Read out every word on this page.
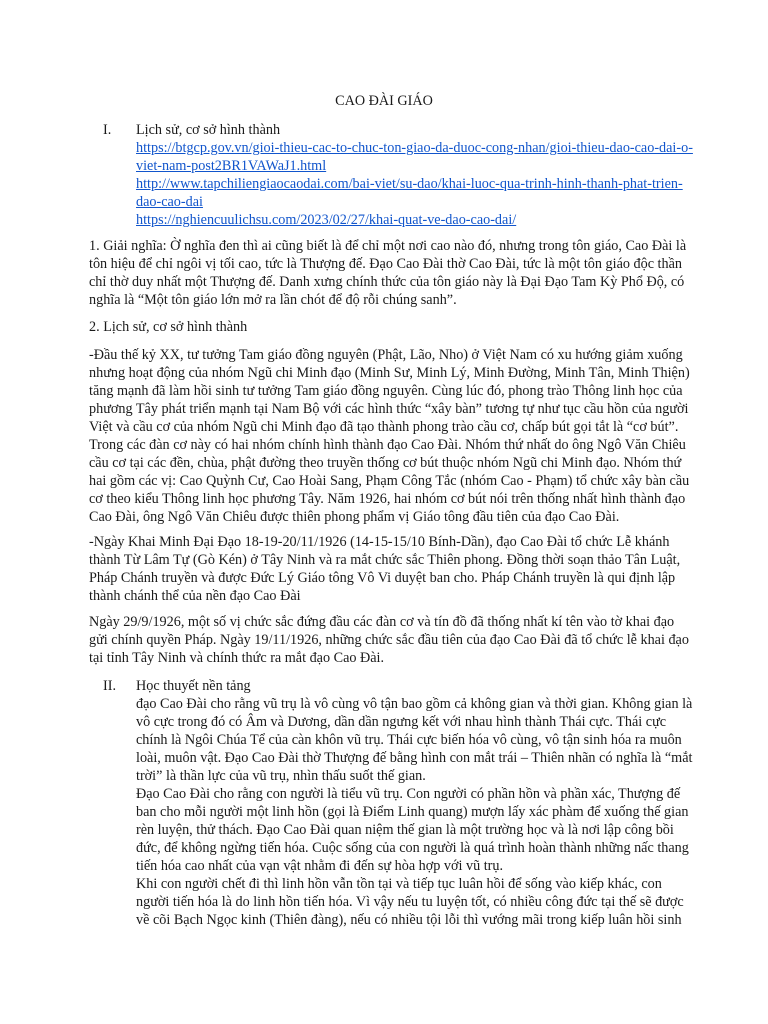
CAO ĐÀI GIÁO
I.	Lịch sử, cơ sở hình thành
https://btgcp.gov.vn/gioi-thieu-cac-to-chuc-ton-giao-da-duoc-cong-nhan/gioi-thieu-dao-cao-dai-o-
viet-nam-post2BR1VAWaJ1.html
http://www.tapchiliengiaocaodai.com/bai-viet/su-dao/khai-luoc-qua-trinh-hinh-thanh-phat-trien-
dao-cao-dai
https://nghiencuulichsu.com/2023/02/27/khai-quat-ve-dao-cao-dai/
1. Giải nghĩa: Ờ nghĩa đen thì ai cũng biết là để chỉ một nơi cao nào đó, nhưng trong tôn giáo, Cao Đài là
tôn hiệu để chỉ ngôi vị tối cao, tức là Thượng đế. Đạo Cao Đài thờ Cao Đài, tức là một tôn giáo độc thần
chỉ thờ duy nhất một Thượng đế. Danh xưng chính thức của tôn giáo này là Đại Đạo Tam Kỳ Phổ Độ, có
nghĩa là “Một tôn giáo lớn mở ra lần chót để độ rỗi chúng sanh”.
2. Lịch sử, cơ sở hình thành
-Đầu thế kỷ XX, tư tưởng Tam giáo đồng nguyên (Phật, Lão, Nho) ở Việt Nam có xu hướng giảm xuống
nhưng hoạt động của nhóm Ngũ chi Minh đạo (Minh Sư, Minh Lý, Minh Đường, Minh Tân, Minh Thiện)
tăng mạnh đã làm hồi sinh tư tưởng Tam giáo đồng nguyên. Cùng lúc đó, phong trào Thông linh học của
phương Tây phát triển mạnh tại Nam Bộ với các hình thức “xây bàn” tương tự như tục cầu hồn của người
Việt và cầu cơ của nhóm Ngũ chi Minh đạo đã tạo thành phong trào cầu cơ, chấp bút gọi tắt là “cơ bút”.
Trong các đàn cơ này có hai nhóm chính hình thành đạo Cao Đài. Nhóm thứ nhất do ông Ngô Văn Chiêu
cầu cơ tại các đền, chùa, phật đường theo truyền thống cơ bút thuộc nhóm Ngũ chi Minh đạo. Nhóm thứ
hai gồm các vị: Cao Quỳnh Cư, Cao Hoài Sang, Phạm Công Tắc (nhóm Cao - Phạm) tổ chức xây bàn cầu
cơ theo kiểu Thông linh học phương Tây. Năm 1926, hai nhóm cơ bút nói trên thống nhất hình thành đạo
Cao Đài, ông Ngô Văn Chiêu được thiên phong phẩm vị Giáo tông đầu tiên của đạo Cao Đài.
-Ngày Khai Minh Đại Đạo 18-19-20/11/1926 (14-15-15/10 Bính-Dần), đạo Cao Đài tổ chức Lễ khánh
thành Từ Lâm Tự (Gò Kén) ở Tây Ninh và ra mắt chức sắc Thiên phong. Đồng thời soạn thảo Tân Luật,
Pháp Chánh truyền và được Đức Lý Giáo tông Vô Vi duyệt ban cho. Pháp Chánh truyền là qui định lập
thành chánh thể của nền đạo Cao Đài
Ngày 29/9/1926, một số vị chức sắc đứng đầu các đàn cơ và tín đồ đã thống nhất kí tên vào tờ khai đạo
gửi chính quyền Pháp. Ngày 19/11/1926, những chức sắc đầu tiên của đạo Cao Đài đã tổ chức lễ khai đạo
tại tỉnh Tây Ninh và chính thức ra mắt đạo Cao Đài.
II.	Học thuyết nền tảng
đạo Cao Đài cho rằng vũ trụ là vô cùng vô tận bao gồm cả không gian và thời gian. Không gian là
vô cực trong đó có Âm và Dương, dần dần ngưng kết với nhau hình thành Thái cực. Thái cực
chính là Ngôi Chúa Tể của càn khôn vũ trụ. Thái cực biến hóa vô cùng, vô tận sinh hóa ra muôn
loài, muôn vật. Đạo Cao Đài thờ Thượng đế bằng hình con mắt trái – Thiên nhãn có nghĩa là “mắt
trời” là thần lực của vũ trụ, nhìn thấu suốt thế gian.
Đạo Cao Đài cho rằng con người là tiểu vũ trụ. Con người có phần hồn và phần xác, Thượng đế
ban cho mỗi người một linh hồn (gọi là Điểm Linh quang) mượn lấy xác phàm để xuống thế gian
rèn luyện, thử thách. Đạo Cao Đài quan niệm thế gian là một trường học và là nơi lập công bồi
đức, để không ngừng tiến hóa. Cuộc sống của con người là quá trình hoàn thành những nấc thang
tiến hóa cao nhất của vạn vật nhằm đi đến sự hòa hợp với vũ trụ.
Khi con người chết đi thì linh hồn vẫn tồn tại và tiếp tục luân hồi để sống vào kiếp khác, con
người tiến hóa là do linh hồn tiến hóa. Vì vậy nếu tu luyện tốt, có nhiều công đức tại thế sẽ được
về cõi Bạch Ngọc kinh (Thiên đàng), nếu có nhiều tội lỗi thì vướng mãi trong kiếp luân hồi sinh
